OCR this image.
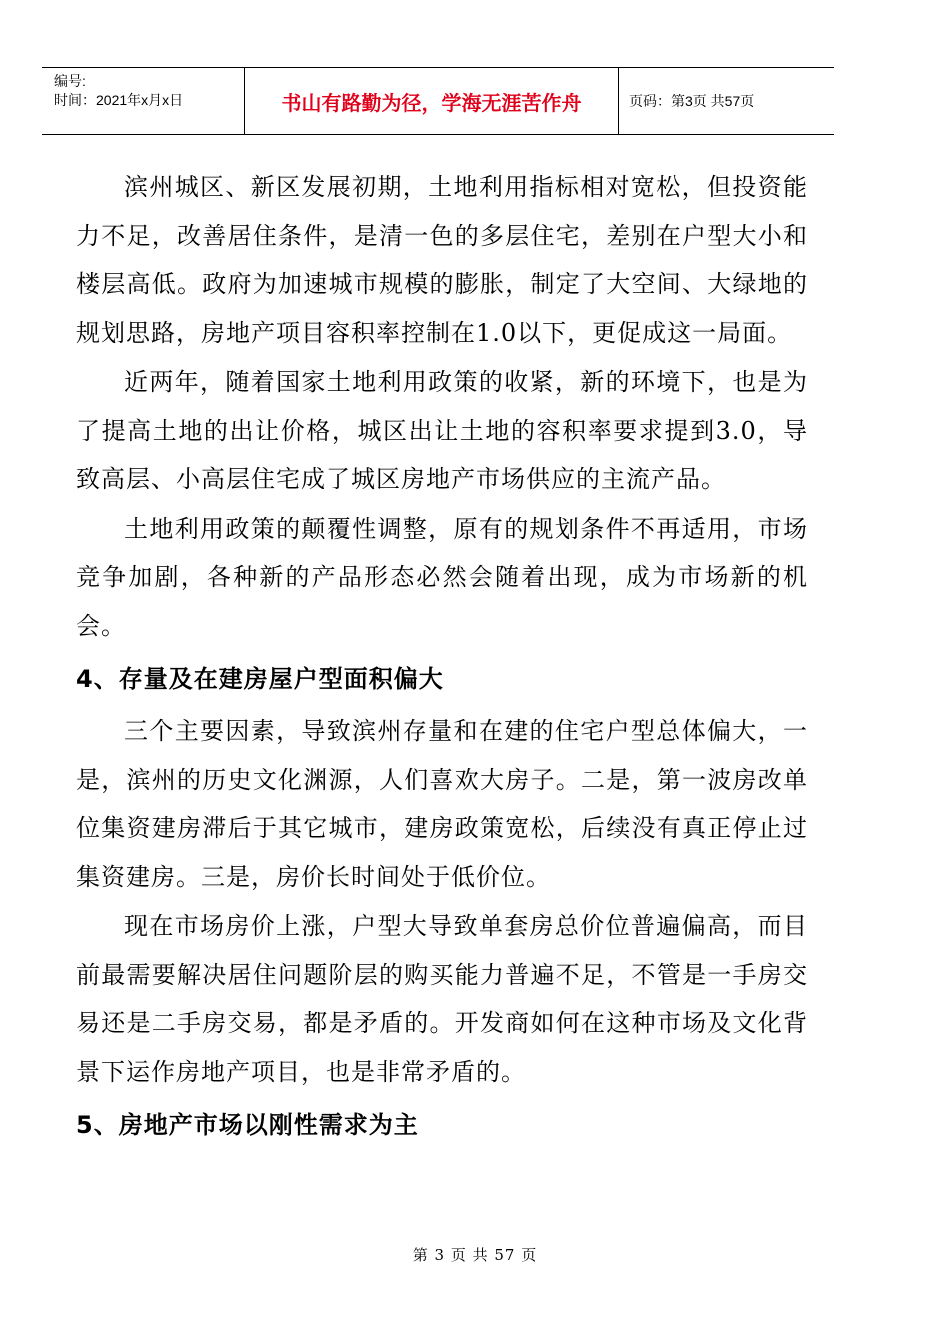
编号:
时间：2021年x月x日	书山有路勤为径，学海无涯苦作舟	页码：第3页 共57页

滨州城区、新区发展初期，土地利用指标相对宽松，但投资能力不足，改善居住条件，是清一色的多层住宅，差别在户型大小和楼层高低。政府为加速城市规模的膨胀，制定了大空间、大绿地的规划思路，房地产项目容积率控制在1.0以下，更促成这一局面。

近两年，随着国家土地利用政策的收紧，新的环境下，也是为了提高土地的出让价格，城区出让土地的容积率要求提到3.0，导致高层、小高层住宅成了城区房地产市场供应的主流产品。

土地利用政策的颠覆性调整，原有的规划条件不再适用，市场竞争加剧，各种新的产品形态必然会随着出现，成为市场新的机会。

4、存量及在建房屋户型面积偏大

三个主要因素，导致滨州存量和在建的住宅户型总体偏大，一是，滨州的历史文化渊源，人们喜欢大房子。二是，第一波房改单位集资建房滞后于其它城市，建房政策宽松，后续没有真正停止过集资建房。三是，房价长时间处于低价位。

现在市场房价上涨，户型大导致单套房总价位普遍偏高，而目前最需要解决居住问题阶层的购买能力普遍不足，不管是一手房交易还是二手房交易，都是矛盾的。开发商如何在这种市场及文化背景下运作房地产项目，也是非常矛盾的。

5、房地产市场以刚性需求为主
第 3 页 共 57 页
